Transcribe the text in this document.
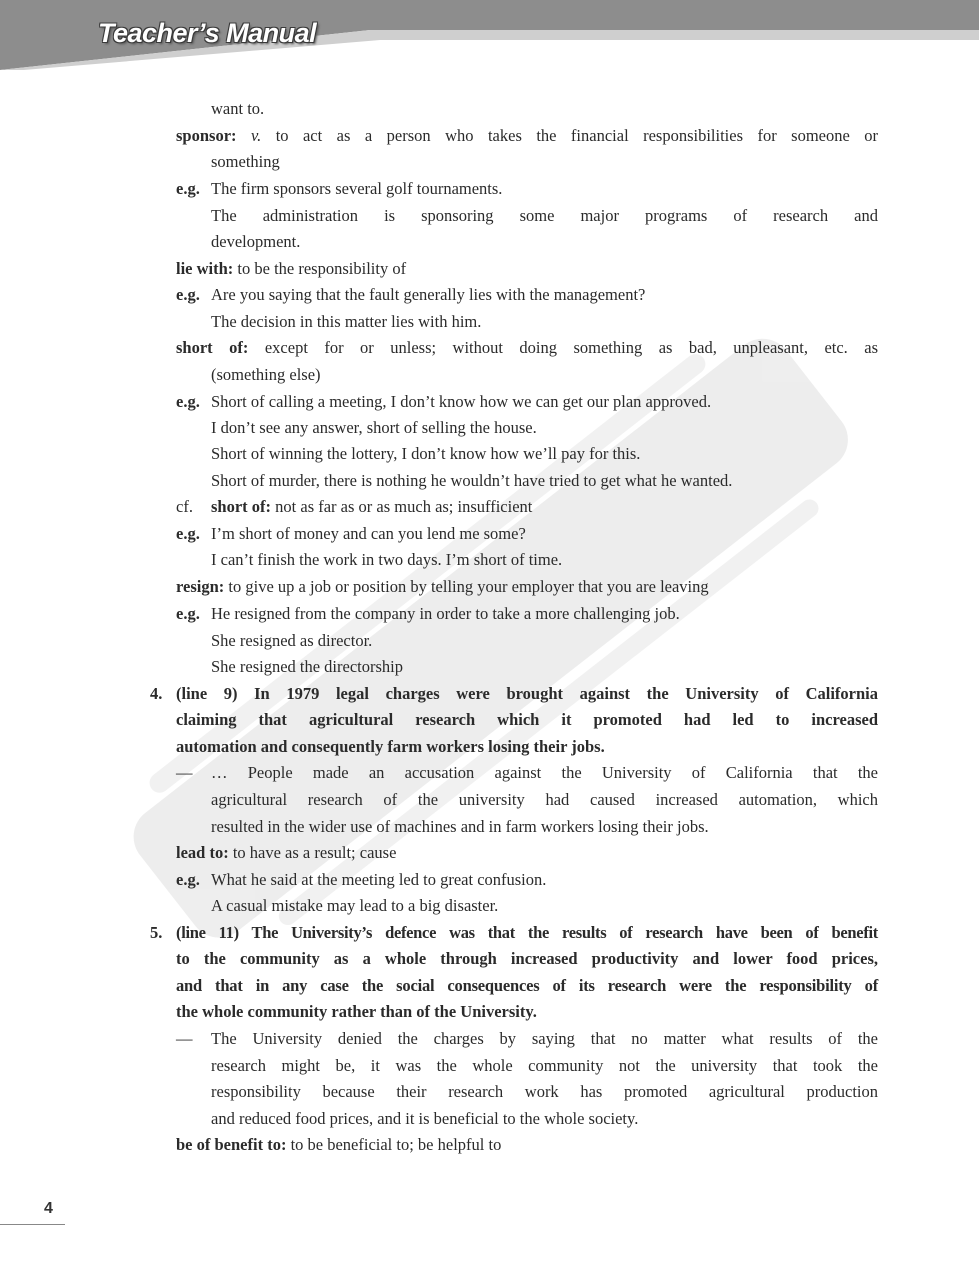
Teacher’s Manual
want to.
sponsor: v. to act as a person who takes the financial responsibilities for someone or
something
e.g. The firm sponsors several golf tournaments.
The administration is sponsoring some major programs of research and
development.
lie with: to be the responsibility of
e.g. Are you saying that the fault generally lies with the management?
The decision in this matter lies with him.
short of: except for or unless; without doing something as bad, unpleasant, etc. as
(something else)
e.g. Short of calling a meeting, I don’t know how we can get our plan approved.
I don’t see any answer, short of selling the house.
Short of winning the lottery, I don’t know how we’ll pay for this.
Short of murder, there is nothing he wouldn’t have tried to get what he wanted.
cf. short of: not as far as or as much as; insufficient
e.g. I’m short of money and can you lend me some?
I can’t finish the work in two days. I’m short of time.
resign: to give up a job or position by telling your employer that you are leaving
e.g. He resigned from the company in order to take a more challenging job.
She resigned as director.
She resigned the directorship
4. (line 9) In 1979 legal charges were brought against the University of California
claiming that agricultural research which it promoted had led to increased
automation and consequently farm workers losing their jobs.
— … People made an accusation against the University of California that the
agricultural research of the university had caused increased automation, which
resulted in the wider use of machines and in farm workers losing their jobs.
lead to: to have as a result; cause
e.g. What he said at the meeting led to great confusion.
A casual mistake may lead to a big disaster.
5. (line 11) The University’s defence was that the results of research have been of benefit
to the community as a whole through increased productivity and lower food prices,
and that in any case the social consequences of its research were the responsibility of
the whole community rather than of the University.
— The University denied the charges by saying that no matter what results of the
research might be, it was the whole community not the university that took the
responsibility because their research work has promoted agricultural production
and reduced food prices, and it is beneficial to the whole society.
be of benefit to: to be beneficial to; be helpful to
4
